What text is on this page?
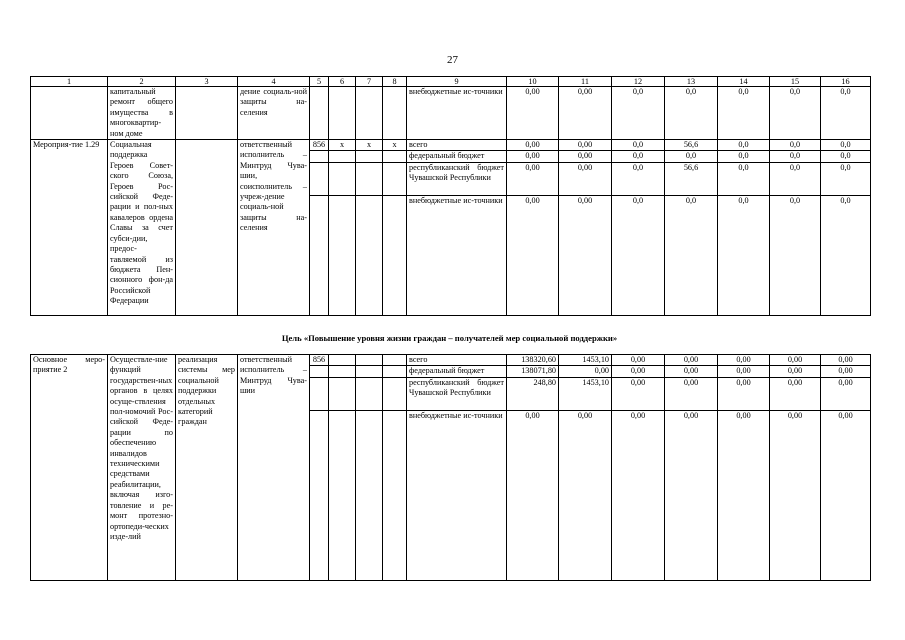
27
1	2	3	4	5	6	7	8	9	10	11	12	13	14	15	16
	капитальный ремонт общего имущества в многоквартир-ном доме		дение социаль-ной защиты на-селения					внебюджетные ис-точники	0,00	0,00	0,0	0,0	0,0	0,0	0,0
Мероприя-тие 1.29	Социальная поддержка Героев Совет-ского Союза, Героев Рос-сийской Феде-рации и пол-ных кавалеров ордена Славы за счет субси-дии, предос-тавляемой из бюджета Пен-сионного фон-да Российской Федерации		ответственный исполнитель – Минтруд Чува-шии, соисполнитель – учреж-дение социаль-ной защиты на-селения	856	x	x	x	всего	0,00	0,00	0,0	56,6	0,0	0,0	0,0
								федеральный бюджет	0,00	0,00	0,0	0,0	0,0	0,0	0,0
								республиканский бюджет Чувашской Республики	0,00	0,00	0,0	56,6	0,0	0,0	0,0
								внебюджетные ис-точники	0,00	0,00	0,0	0,0	0,0	0,0	0,0
Цель «Повышение уровня жизни граждан – получателей мер социальной поддержки»
Основное меро-приятие 2	Осуществле-ние функций государствен-ных органов в целях осуще-ствления пол-номочий Рос-сийской Феде-рации по обеспечению инвалидов техническими средствами реабилитации, включая изго-товление и ре-монт протезно-ортопеди-ческих изде-лий	реализация системы мер социальной поддержки отдельных категорий граждан	ответственный исполнитель – Минтруд Чува-шии	856				всего	138320,60	1453,10	0,00	0,00	0,00	0,00	0,00
								федеральный бюджет	138071,80	0,00	0,00	0,00	0,00	0,00	0,00
								республиканский бюджет Чувашской Республики	248,80	1453,10	0,00	0,00	0,00	0,00	0,00
								внебюджетные ис-точники	0,00	0,00	0,00	0,00	0,00	0,00	0,00
